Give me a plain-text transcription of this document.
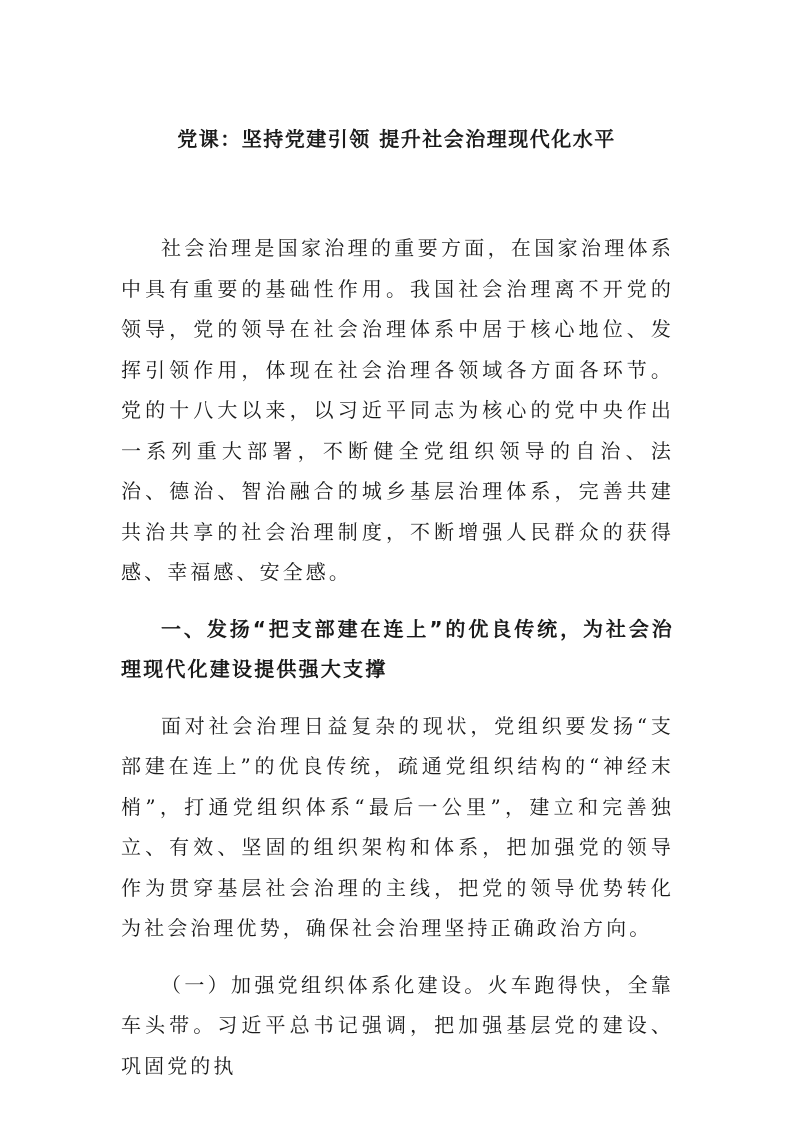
党课：坚持党建引领 提升社会治理现代化水平

社会治理是国家治理的重要方面，在国家治理体系中具有重要的基础性作用。我国社会治理离不开党的领导，党的领导在社会治理体系中居于核心地位、发挥引领作用，体现在社会治理各领域各方面各环节。党的十八大以来，以习近平同志为核心的党中央作出一系列重大部署，不断健全党组织领导的自治、法治、德治、智治融合的城乡基层治理体系，完善共建共治共享的社会治理制度，不断增强人民群众的获得感、幸福感、安全感。

一、发扬“把支部建在连上”的优良传统，为社会治理现代化建设提供强大支撑

面对社会治理日益复杂的现状，党组织要发扬“支部建在连上”的优良传统，疏通党组织结构的“神经末梢”，打通党组织体系“最后一公里”，建立和完善独立、有效、坚固的组织架构和体系，把加强党的领导作为贯穿基层社会治理的主线，把党的领导优势转化为社会治理优势，确保社会治理坚持正确政治方向。

（一）加强党组织体系化建设。火车跑得快，全靠车头带。习近平总书记强调，把加强基层党的建设、巩固党的执
